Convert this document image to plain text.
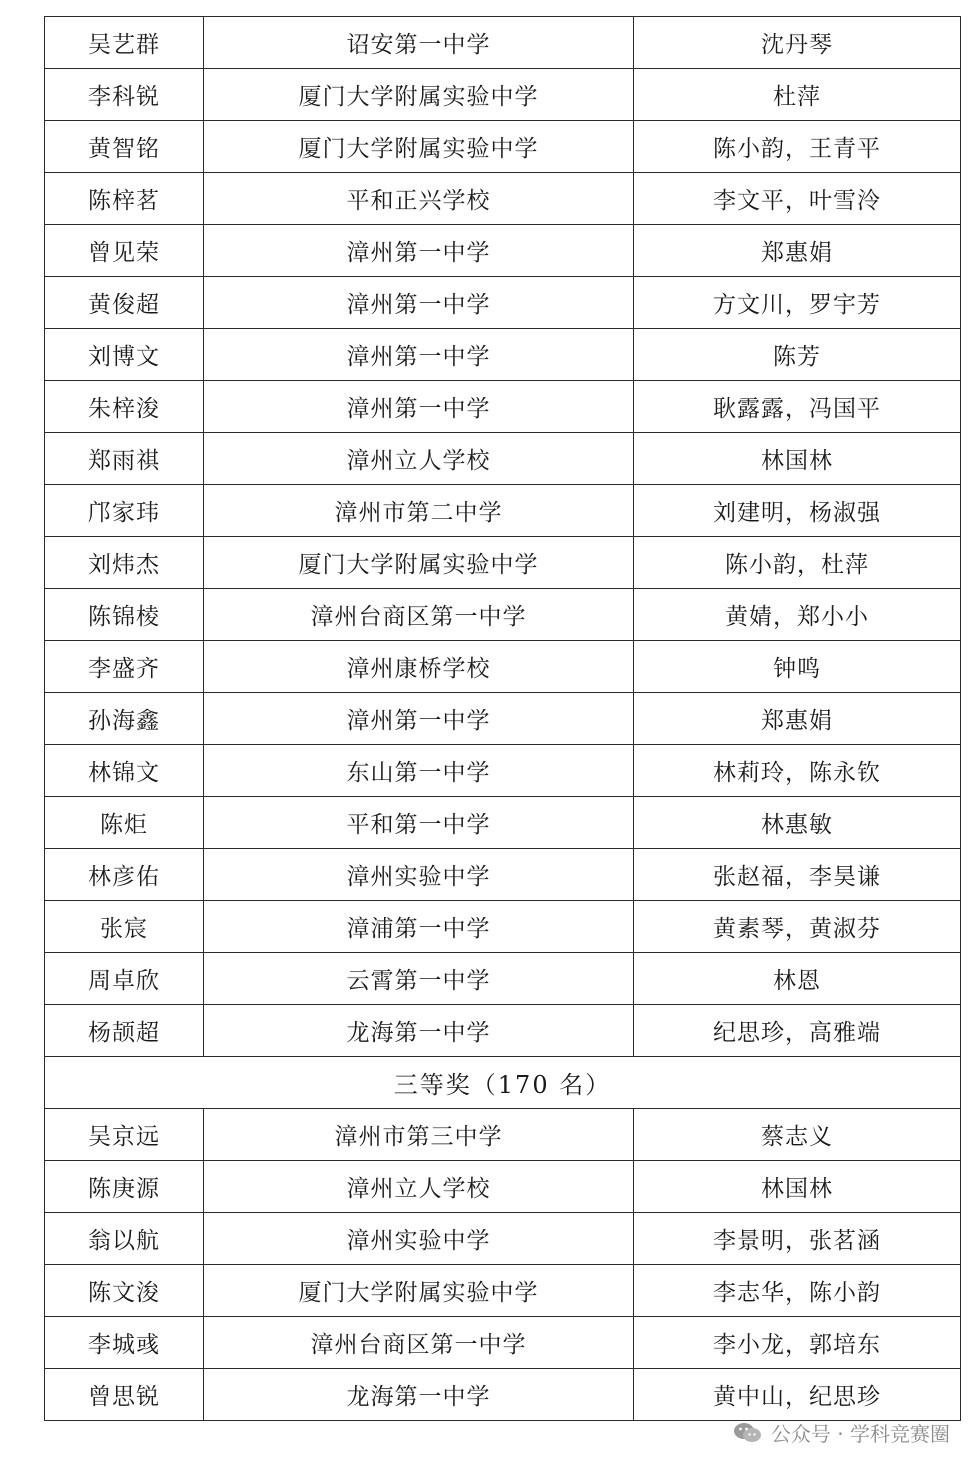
吴艺群	诏安第一中学	沈丹琴
李科锐	厦门大学附属实验中学	杜萍
黄智铭	厦门大学附属实验中学	陈小韵，王青平
陈梓茗	平和正兴学校	李文平，叶雪泠
曾见荣	漳州第一中学	郑惠娟
黄俊超	漳州第一中学	方文川，罗宇芳
刘博文	漳州第一中学	陈芳
朱梓浚	漳州第一中学	耿露露，冯国平
郑雨祺	漳州立人学校	林国林
邝家玮	漳州市第二中学	刘建明，杨淑强
刘炜杰	厦门大学附属实验中学	陈小韵，杜萍
陈锦棱	漳州台商区第一中学	黄婧，郑小小
李盛齐	漳州康桥学校	钟鸣
孙海鑫	漳州第一中学	郑惠娟
林锦文	东山第一中学	林莉玲，陈永钦
陈炬	平和第一中学	林惠敏
林彦佑	漳州实验中学	张赵福，李昊谦
张宸	漳浦第一中学	黄素琴，黄淑芬
周卓欣	云霄第一中学	林恩
杨颉超	龙海第一中学	纪思珍，高雅端
三等奖（170 名）		
吴京远	漳州市第三中学	蔡志义
陈庚源	漳州立人学校	林国林
翁以航	漳州实验中学	李景明，张茗涵
陈文浚	厦门大学附属实验中学	李志华，陈小韵
李城彧	漳州台商区第一中学	李小龙，郭培东
曾思锐	龙海第一中学	黄中山，纪思珍
公众号 · 学科竞赛圈
